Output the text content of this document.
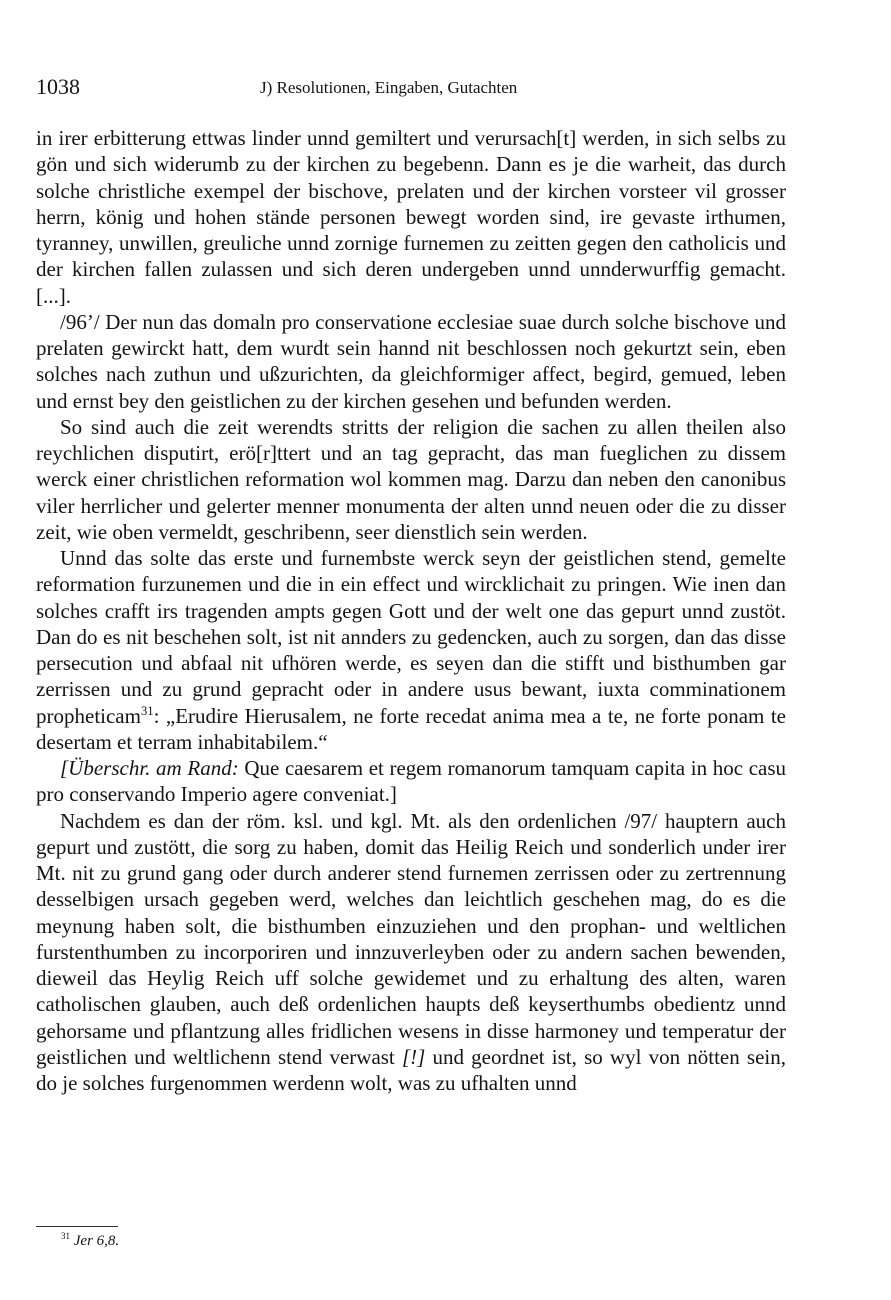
1038	J) Resolutionen, Eingaben, Gutachten

in irer erbitterung ettwas linder unnd gemiltert und verursach[t] werden, in sich selbs zu gön und sich widerumb zu der kirchen zu begebenn. Dann es je die warheit, das durch solche christliche exempel der bischove, prelaten und der kirchen vorsteer vil grosser herrn, könig und hohen stände personen bewegt worden sind, ire gevaste irthumen, tyranney, unwillen, greuliche unnd zornige furnemen zu zeitten gegen den catholicis und der kirchen fallen zulassen und sich deren undergeben unnd unnderwurffig gemacht. [...].

/96’/ Der nun das domaln pro conservatione ecclesiae suae durch solche bischove und prelaten gewirckt hatt, dem wurdt sein hannd nit beschlossen noch gekurtzt sein, eben solches nach zuthun und ußzurichten, da gleichformiger affect, begird, gemued, leben und ernst bey den geistlichen zu der kirchen gesehen und befunden werden.

So sind auch die zeit werendts stritts der religion die sachen zu allen theilen also reychlichen disputirt, erö[r]ttert und an tag gepracht, das man fueglichen zu dissem werck einer christlichen reformation wol kommen mag. Darzu dan neben den canonibus viler herrlicher und gelerter menner monumenta der alten unnd neuen oder die zu disser zeit, wie oben vermeldt, geschribenn, seer dienstlich sein werden.

Unnd das solte das erste und furnembste werck seyn der geistlichen stend, gemelte reformation furzunemen und die in ein effect und wircklichait zu pringen. Wie inen dan solches crafft irs tragenden ampts gegen Gott und der welt one das gepurt unnd zustöt. Dan do es nit beschehen solt, ist nit annders zu gedencken, auch zu sorgen, dan das disse persecution und abfaal nit ufhören werde, es seyen dan die stifft und bisthumben gar zerrissen und zu grund gepracht oder in andere usus bewant, iuxta comminationem propheticam$^{31}$: „Erudire Hierusalem, ne forte recedat anima mea a te, ne forte ponam te desertam et terram inhabitabilem.“

[Überschr. am Rand: Que caesarem et regem romanorum tamquam capita in hoc casu pro conservando Imperio agere conveniat.]

Nachdem es dan der röm. ksl. und kgl. Mt. als den ordenlichen /97/ hauptern auch gepurt und zustött, die sorg zu haben, domit das Heilig Reich und sonderlich under irer Mt. nit zu grund gang oder durch anderer stend furnemen zerrissen oder zu zertrennung desselbigen ursach gegeben werd, welches dan leichtlich geschehen mag, do es die meynung haben solt, die bisthumben einzuziehen und den prophan- und weltlichen furstenthumben zu incorporiren und innzuverleyben oder zu andern sachen bewenden, dieweil das Heylig Reich uff solche gewidemet und zu erhaltung des alten, waren catholischen glauben, auch deß ordenlichen haupts deß keyserthumbs obedientz unnd gehorsame und pflantzung alles fridlichen wesens in disse harmoney und temperatur der geistlichen und weltlichenn stend verwast [!] und geordnet ist, so wyl von nötten sein, do je solches furgenommen werdenn wolt, was zu ufhalten unnd

$^{31}$ Jer 6,8.
